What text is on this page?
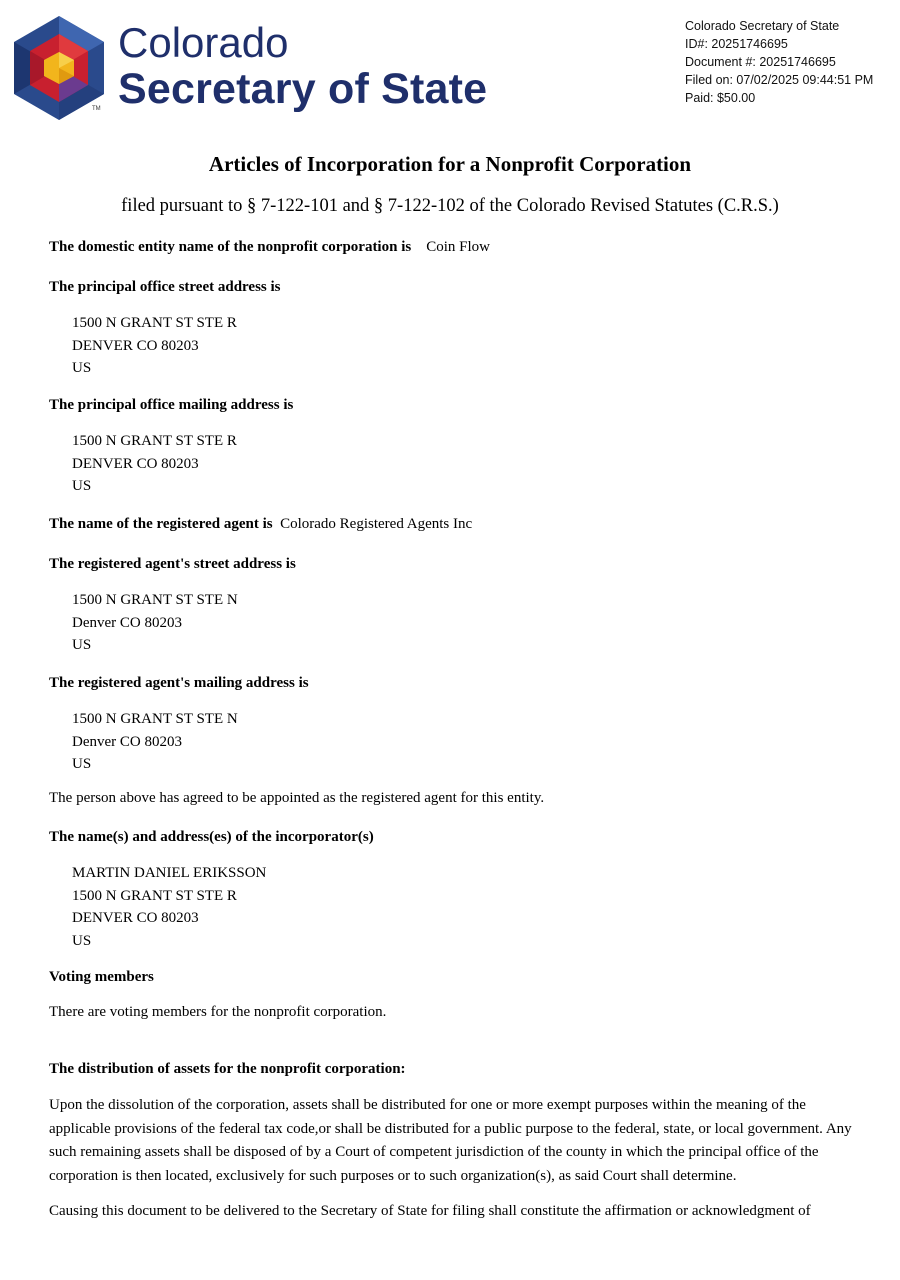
TM
Colorado
Secretary of State
Colorado Secretary of State
ID#: 20251746695
Document #: 20251746695
Filed on: 07/02/2025 09:44:51 PM
Paid: $50.00
Articles of Incorporation for a Nonprofit Corporation
filed pursuant to § 7-122-101 and § 7-122-102 of the Colorado Revised Statutes (C.R.S.)
The domestic entity name of the nonprofit corporation is Coin Flow
The principal office street address is
1500 N GRANT ST STE R
DENVER CO 80203
US
The principal office mailing address is
1500 N GRANT ST STE R
DENVER CO 80203
US
The name of the registered agent is Colorado Registered Agents Inc
The registered agent's street address is
1500 N GRANT ST STE N
Denver CO 80203
US
The registered agent's mailing address is
1500 N GRANT ST STE N
Denver CO 80203
US
The person above has agreed to be appointed as the registered agent for this entity.
The name(s) and address(es) of the incorporator(s)
MARTIN DANIEL ERIKSSON
1500 N GRANT ST STE R
DENVER CO 80203
US
Voting members
There are voting members for the nonprofit corporation.
The distribution of assets for the nonprofit corporation:
Upon the dissolution of the corporation, assets shall be distributed for one or more exempt purposes within the meaning of the applicable provisions of the federal tax code,or shall be distributed for a public purpose to the federal, state, or local government. Any such remaining assets shall be disposed of by a Court of competent jurisdiction of the county in which the principal office of the corporation is then located, exclusively for such purposes or to such organization(s), as said Court shall determine.
Causing this document to be delivered to the Secretary of State for filing shall constitute the affirmation or acknowledgment of
